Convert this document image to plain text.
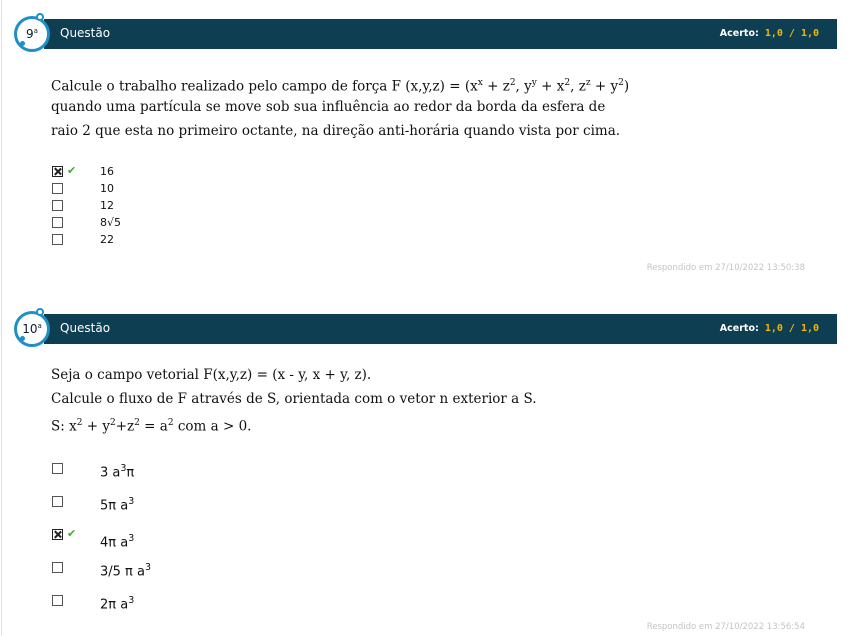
Questão	Acerto: 1,0 / 1,0
9$^a$
Calcule o trabalho realizado pelo campo de força F $(x,y,z) = (x^x + z^2$, $y^y + x^2$, $z^z + y^2$)
quando uma partícula se move sob sua influência ao redor da borda da esfera de
raio 2 que esta no primeiro octante, na direção anti-horária quando vista por cima.
✔ 16
10
12
8√5
22
Respondido em 27/10/2022 13:50:38
Questão	Acerto: 1,0 / 1,0
10$^a$
Seja o campo vetorial F(x,y,z) = (x - y, x + y, z).
Calcule o fluxo de F através de S, orientada com o vetor n exterior a S.
S: $x^2 + y^2+z^2 = a^2$ com a > 0.
3 $a^3\pi$
5π $a^3$
✔
4π $a^3$
3/5 π $a^3$
2π $a^3$
Respondido em 27/10/2022 13:56:54
